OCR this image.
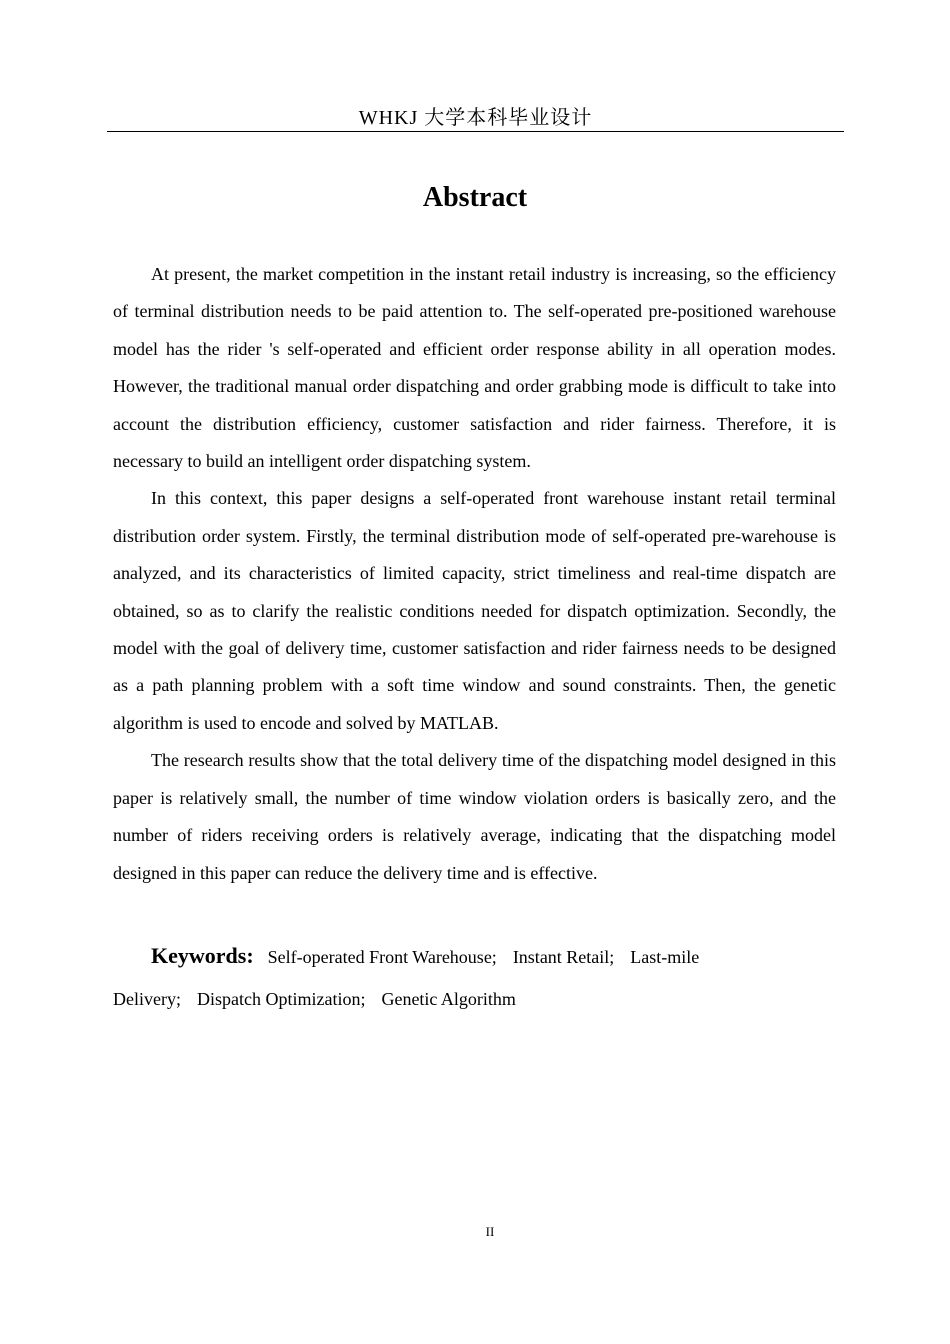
WHKJ 大学本科毕业设计
Abstract

At present, the market competition in the instant retail industry is increasing, so the efficiency of terminal distribution needs to be paid attention to. The self-operated pre-positioned warehouse model has the rider 's self-operated and efficient order response ability in all operation modes. However, the traditional manual order dispatching and order grabbing mode is difficult to take into account the distribution efficiency, customer satisfaction and rider fairness. Therefore, it is necessary to build an intelligent order dispatching system.

In this context, this paper designs a self-operated front warehouse instant retail terminal distribution order system. Firstly, the terminal distribution mode of self-operated pre-warehouse is analyzed, and its characteristics of limited capacity, strict timeliness and real-time dispatch are obtained, so as to clarify the realistic conditions needed for dispatch optimization. Secondly, the model with the goal of delivery time, customer satisfaction and rider fairness needs to be designed as a path planning problem with a soft time window and sound constraints. Then, the genetic algorithm is used to encode and solved by MATLAB.

The research results show that the total delivery time of the dispatching model designed in this paper is relatively small, the number of time window violation orders is basically zero, and the number of riders receiving orders is relatively average, indicating that the dispatching model designed in this paper can reduce the delivery time and is effective.

Keywords: Self-operated Front Warehouse; Instant Retail; Last-mile Delivery; Dispatch Optimization; Genetic Algorithm
II
